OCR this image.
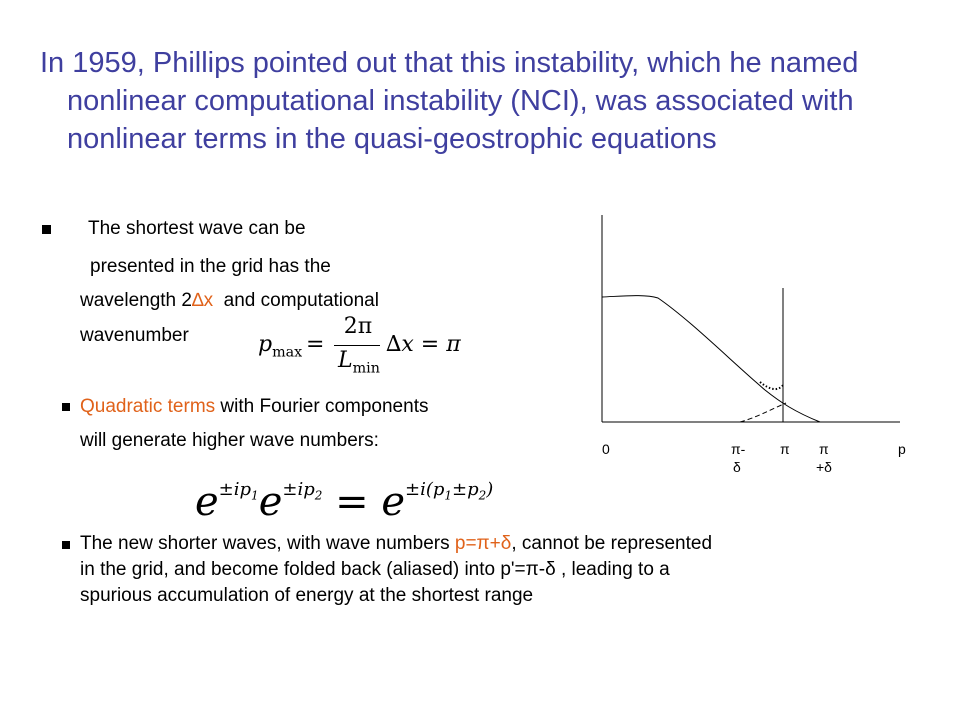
In 1959, Phillips pointed out that this instability, which he named nonlinear computational instability (NCI), was associated with nonlinear terms in the quasi-geostrophic equations
The shortest wave can be
presented in the grid has the
wavelength 2∆x  and computational
wavenumber	$p_{max}$ =
2π
$L_{min}$
∆x = π
Quadratic terms with Fourier components
will generate higher wave numbers:
$e^{\pm ip_1}e^{\pm ip_2} = e^{\pm i(p_1\pm p_2)}$
The new shorter waves, with wave numbers p=π+δ, cannot be represented
in the grid, and become folded back (aliased) into p'=π-δ , leading to a
spurious accumulation of energy at the shortest range
0	π-
δ
π π
+δ
p
